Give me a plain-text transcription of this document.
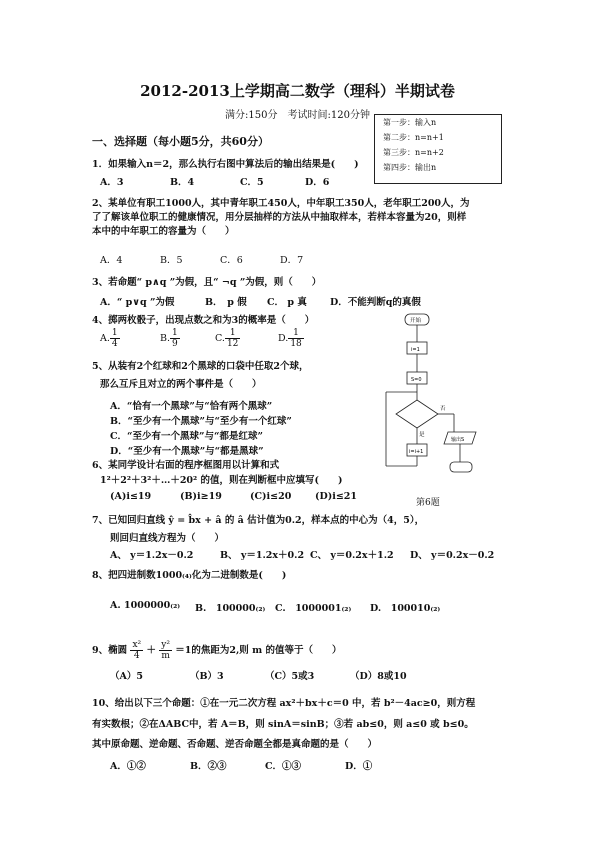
2012-2013上学期高二数学（理科）半期试卷
满分:150分　考试时间:120分钟
一、选择题（每小题5分，共60分）
第一步：输入n
第二步：n=n+1
第三步：n=n+2
第四步：输出n
1．如果输入n＝2，那么执行右图中算法后的输出结果是(　　)
A．3	B．4	C．5	D．6
2、某单位有职工1000人，其中青年职工450人，中年职工350人，老年职工200人，为
了了解该单位职工的健康情况，用分层抽样的方法从中抽取样本，若样本容量为20，则样
本中的中年职工的容量为（　　）
A．4	B．5	C．6	D．7
3、若命题“ p∧q ”为假，且“ ¬q ”为假，则（　　）
A．“ p∨q ”为假	B．　p 假 C． p 真 D．不能判断q的真假
4、掷两枚骰子，出现点数之和为3的概率是（　　）
A. $\frac{1}{4}$	B. $\frac{1}{9}$	C. $\frac{1}{12}$	D. $\frac{1}{18}$
5、从装有2个红球和2个黑球的口袋中任取2个球，
那么互斥且对立的两个事件是（　　）
A．“恰有一个黑球”与“恰有两个黑球”
B．“至少有一个黑球”与“至少有一个红球”
C．“至少有一个黑球”与“都是红球”
D．“至少有一个黑球”与“都是黑球”
6、某同学设计右面的程序框图用以计算和式
1²＋2²＋3²＋…＋20² 的值，则在判断框中应填写(　　)
(A)i≤19	(B)i≥19	(C)i≤20 (D)i≤21
开始
i=1
S=0
否
是
i=i+1
输出S
第6题
7、已知回归直线 ŷ = b̂x + â 的 â 估计值为0.2，样本点的中心为（4，5），
则回归直线方程为（　　）
A、 y＝1.2x－0.2	B、 y＝1.2x＋0.2 C、 y＝0.2x＋1.2 D、 y＝0.2x－0.2
8、把四进制数1000₍₄₎化为二进制数是(　　)
A. 1000000₍₂₎ B.　100000₍₂₎ C.　1000001₍₂₎ D.　100010₍₂₎
9、椭圆 $\frac{\text{x²}}{4} + \frac{\text{y²}}{m} =1$的焦距为2,则 m 的值等于（　　）
（A）5	（B）3	（C）5或3	（D）8或10
10、给出以下三个命题：①在一元二次方程 ax²＋bx＋c＝0 中，若 b²－4ac≥0，则方程
有实数根；②在ΔABC中，若 A＝B，则 sinA＝sinB；③若 ab≤0，则 a≤0 或 b≤0。
其中原命题、逆命题、否命题、逆否命题全都是真命题的是（　　）
A．①②	B．②③	C．①③	D．①
